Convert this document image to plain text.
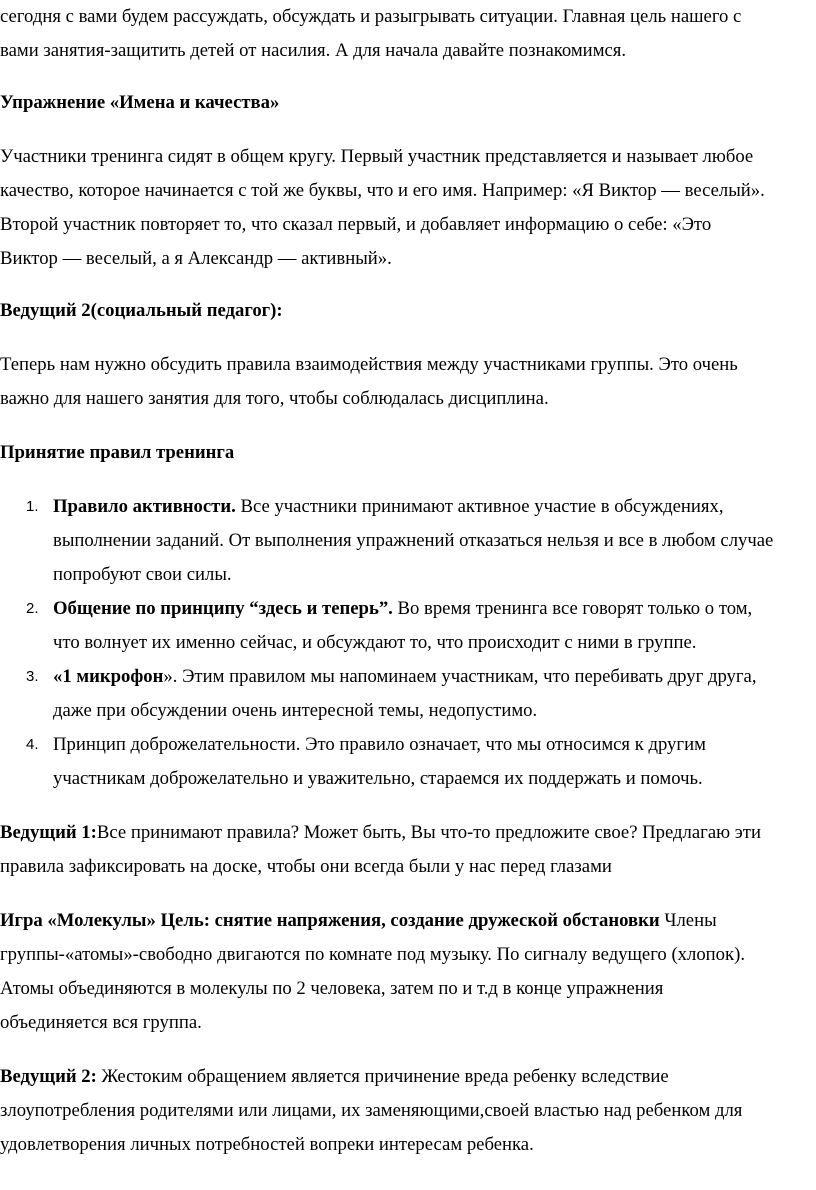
сегодня с вами будем рассуждать, обсуждать и разыгрывать ситуации. Главная цель нашего с
вами занятия-защитить детей от насилия. А для начала давайте познакомимся.
Упражнение «Имена и качества»
Участники тренинга сидят в общем кругу. Первый участник представляется и называет любое
качество, которое начинается с той же буквы, что и его имя. Например: «Я Виктор — веселый».
Второй участник повторяет то, что сказал первый, и добавляет информацию о себе: «Это
Виктор — веселый, а я Александр — активный».
Ведущий 2(социальный педагог):
Теперь нам нужно обсудить правила взаимодействия между участниками группы. Это очень
важно для нашего занятия для того, чтобы соблюдалась дисциплина.
Принятие правил тренинга
1. Правило активности. Все участники принимают активное участие в обсуждениях,
выполнении заданий. От выполнения упражнений отказаться нельзя и все в любом случае
попробуют свои силы.
2. Общение по принципу “здесь и теперь”. Во время тренинга все говорят только о том,
что волнует их именно сейчас, и обсуждают то, что происходит с ними в группе.
3. «1 микрофон». Этим правилом мы напоминаем участникам, что перебивать друг друга,
даже при обсуждении очень интересной темы, недопустимо.
4. Принцип доброжелательности. Это правило означает, что мы относимся к другим
участникам доброжелательно и уважительно, стараемся их поддержать и помочь.
Ведущий 1:Все принимают правила? Может быть, Вы что-то предложите свое? Предлагаю эти
правила зафиксировать на доске, чтобы они всегда были у нас перед глазами
Игра «Молекулы» Цель: снятие напряжения, создание дружеской обстановки Члены
группы-«атомы»-свободно двигаются по комнате под музыку. По сигналу ведущего (хлопок).
Атомы объединяются в молекулы по 2 человека, затем по и т.д в конце упражнения
объединяется вся группа.
Ведущий 2: Жестоким обращением является причинение вреда ребенку вследствие
злоупотребления родителями или лицами, их заменяющими,своей властью над ребенком для
удовлетворения личных потребностей вопреки интересам ребенка.
